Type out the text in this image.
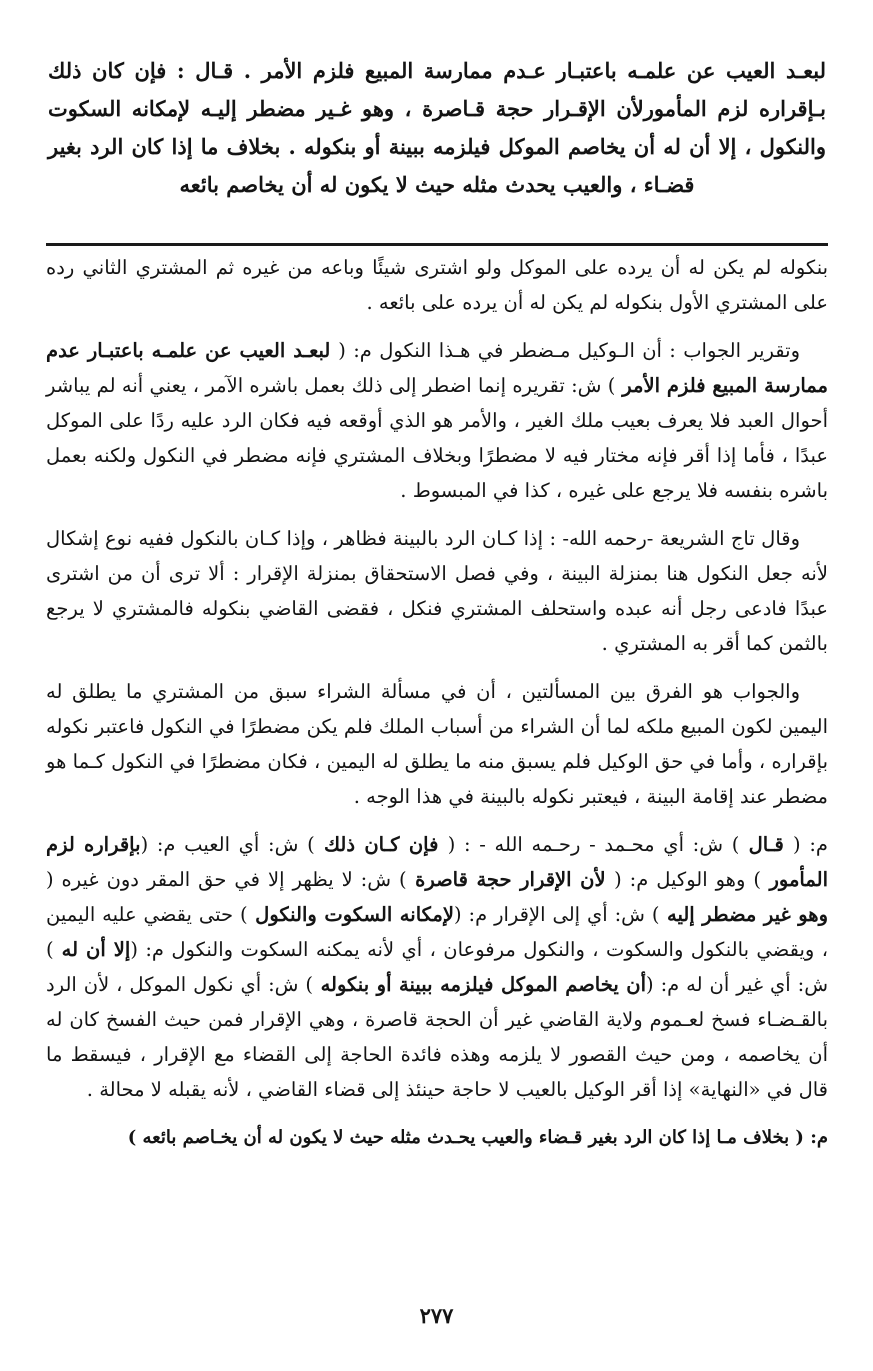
لبعـد العيب عن علمـه باعتبـار عـدم ممارسة المبيع فلزم الأمر . قـال : فإن كان ذلك بـإقراره لزم المأمورلأن الإقـرار حجة قـاصرة ، وهو غـير مضطر إليـه لإمكانه السكوت والنكول ، إلا أن له أن يخاصم الموكل فيلزمه ببينة أو بنكوله . بخلاف ما إذا كان الرد بغير قضـاء ، والعيب يحدث مثله حيث لا يكون له أن يخاصم بائعه

بنكوله لم يكن له أن يرده على الموكل ولو اشترى شيئًا وباعه من غيره ثم المشتري الثاني رده على المشتري الأول بنكوله لم يكن له أن يرده على بائعه .

وتقرير الجواب : أن الـوكيل مـضطر في هـذا النكول م: ( لبعـد العيب عن علمـه باعتبـار عدم ممارسة المبيع فلزم الأمر ) ش: تقريره إنما اضطر إلى ذلك بعمل باشره الآمر ، يعني أنه لم يباشر أحوال العبد فلا يعرف بعيب ملك الغير ، والأمر هو الذي أوقعه فيه فكان الرد عليه ردًا على الموكل عبدًا ، فأما إذا أقر فإنه مختار فيه لا مضطرًا وبخلاف المشتري فإنه مضطر في النكول ولكنه بعمل باشره بنفسه فلا يرجع على غيره ، كذا في المبسوط .

وقال تاج الشريعة -رحمه الله- : إذا كـان الرد بالبينة فظاهر ، وإذا كـان بالنكول ففيه نوع إشكال لأنه جعل النكول هنا بمنزلة البينة ، وفي فصل الاستحقاق بمنزلة الإقرار : ألا ترى أن من اشترى عبدًا فادعى رجل أنه عبده واستحلف المشتري فنكل ، فقضى القاضي بنكوله فالمشتري لا يرجع بالثمن كما أقر به المشتري .

والجواب هو الفرق بين المسألتين ، أن في مسألة الشراء سبق من المشتري ما يطلق له اليمين لكون المبيع ملكه لما أن الشراء من أسباب الملك فلم يكن مضطرًا في النكول فاعتبر نكوله بإقراره ، وأما في حق الوكيل فلم يسبق منه ما يطلق له اليمين ، فكان مضطرًا في النكول كـما هو مضطر عند إقامة البينة ، فيعتبر نكوله بالبينة في هذا الوجه .

م: ( قـال ) ش: أي محـمد - رحـمه الله - : ( فإن كـان ذلك ) ش: أي العيب م: (بإقراره لزم المأمور ) وهو الوكيل م: ( لأن الإقرار حجة قاصرة ) ش: لا يظهر إلا في حق المقر دون غيره ( وهو غير مضطر إليه ) ش: أي إلى الإقرار م: (لإمكانه السكوت والنكول ) حتى يقضي عليه اليمين ، ويقضي بالنكول والسكوت ، والنكول مرفوعان ، أي لأنه يمكنه السكوت والنكول م: (إلا أن له ) ش: أي غير أن له م: (أن يخاصم الموكل فيلزمه ببينة أو بنكوله ) ش: أي نكول الموكل ، لأن الرد بالقـضـاء فسخ لعـموم ولاية القاضي غير أن الحجة قاصرة ، وهي الإقرار فمن حيث الفسخ كان له أن يخاصمه ، ومن حيث القصور لا يلزمه وهذه فائدة الحاجة إلى القضاء مع الإقرار ، فيسقط ما قال في «النهاية» إذا أقر الوكيل بالعيب لا حاجة حينئذ إلى قضاء القاضي ، لأنه يقبله لا محالة .

م: ( بخلاف مـا إذا كان الرد بغير قـضاء والعيب يحـدث مثله حيث لا يكون له أن يخـاصم بائعه )

٢٧٧
